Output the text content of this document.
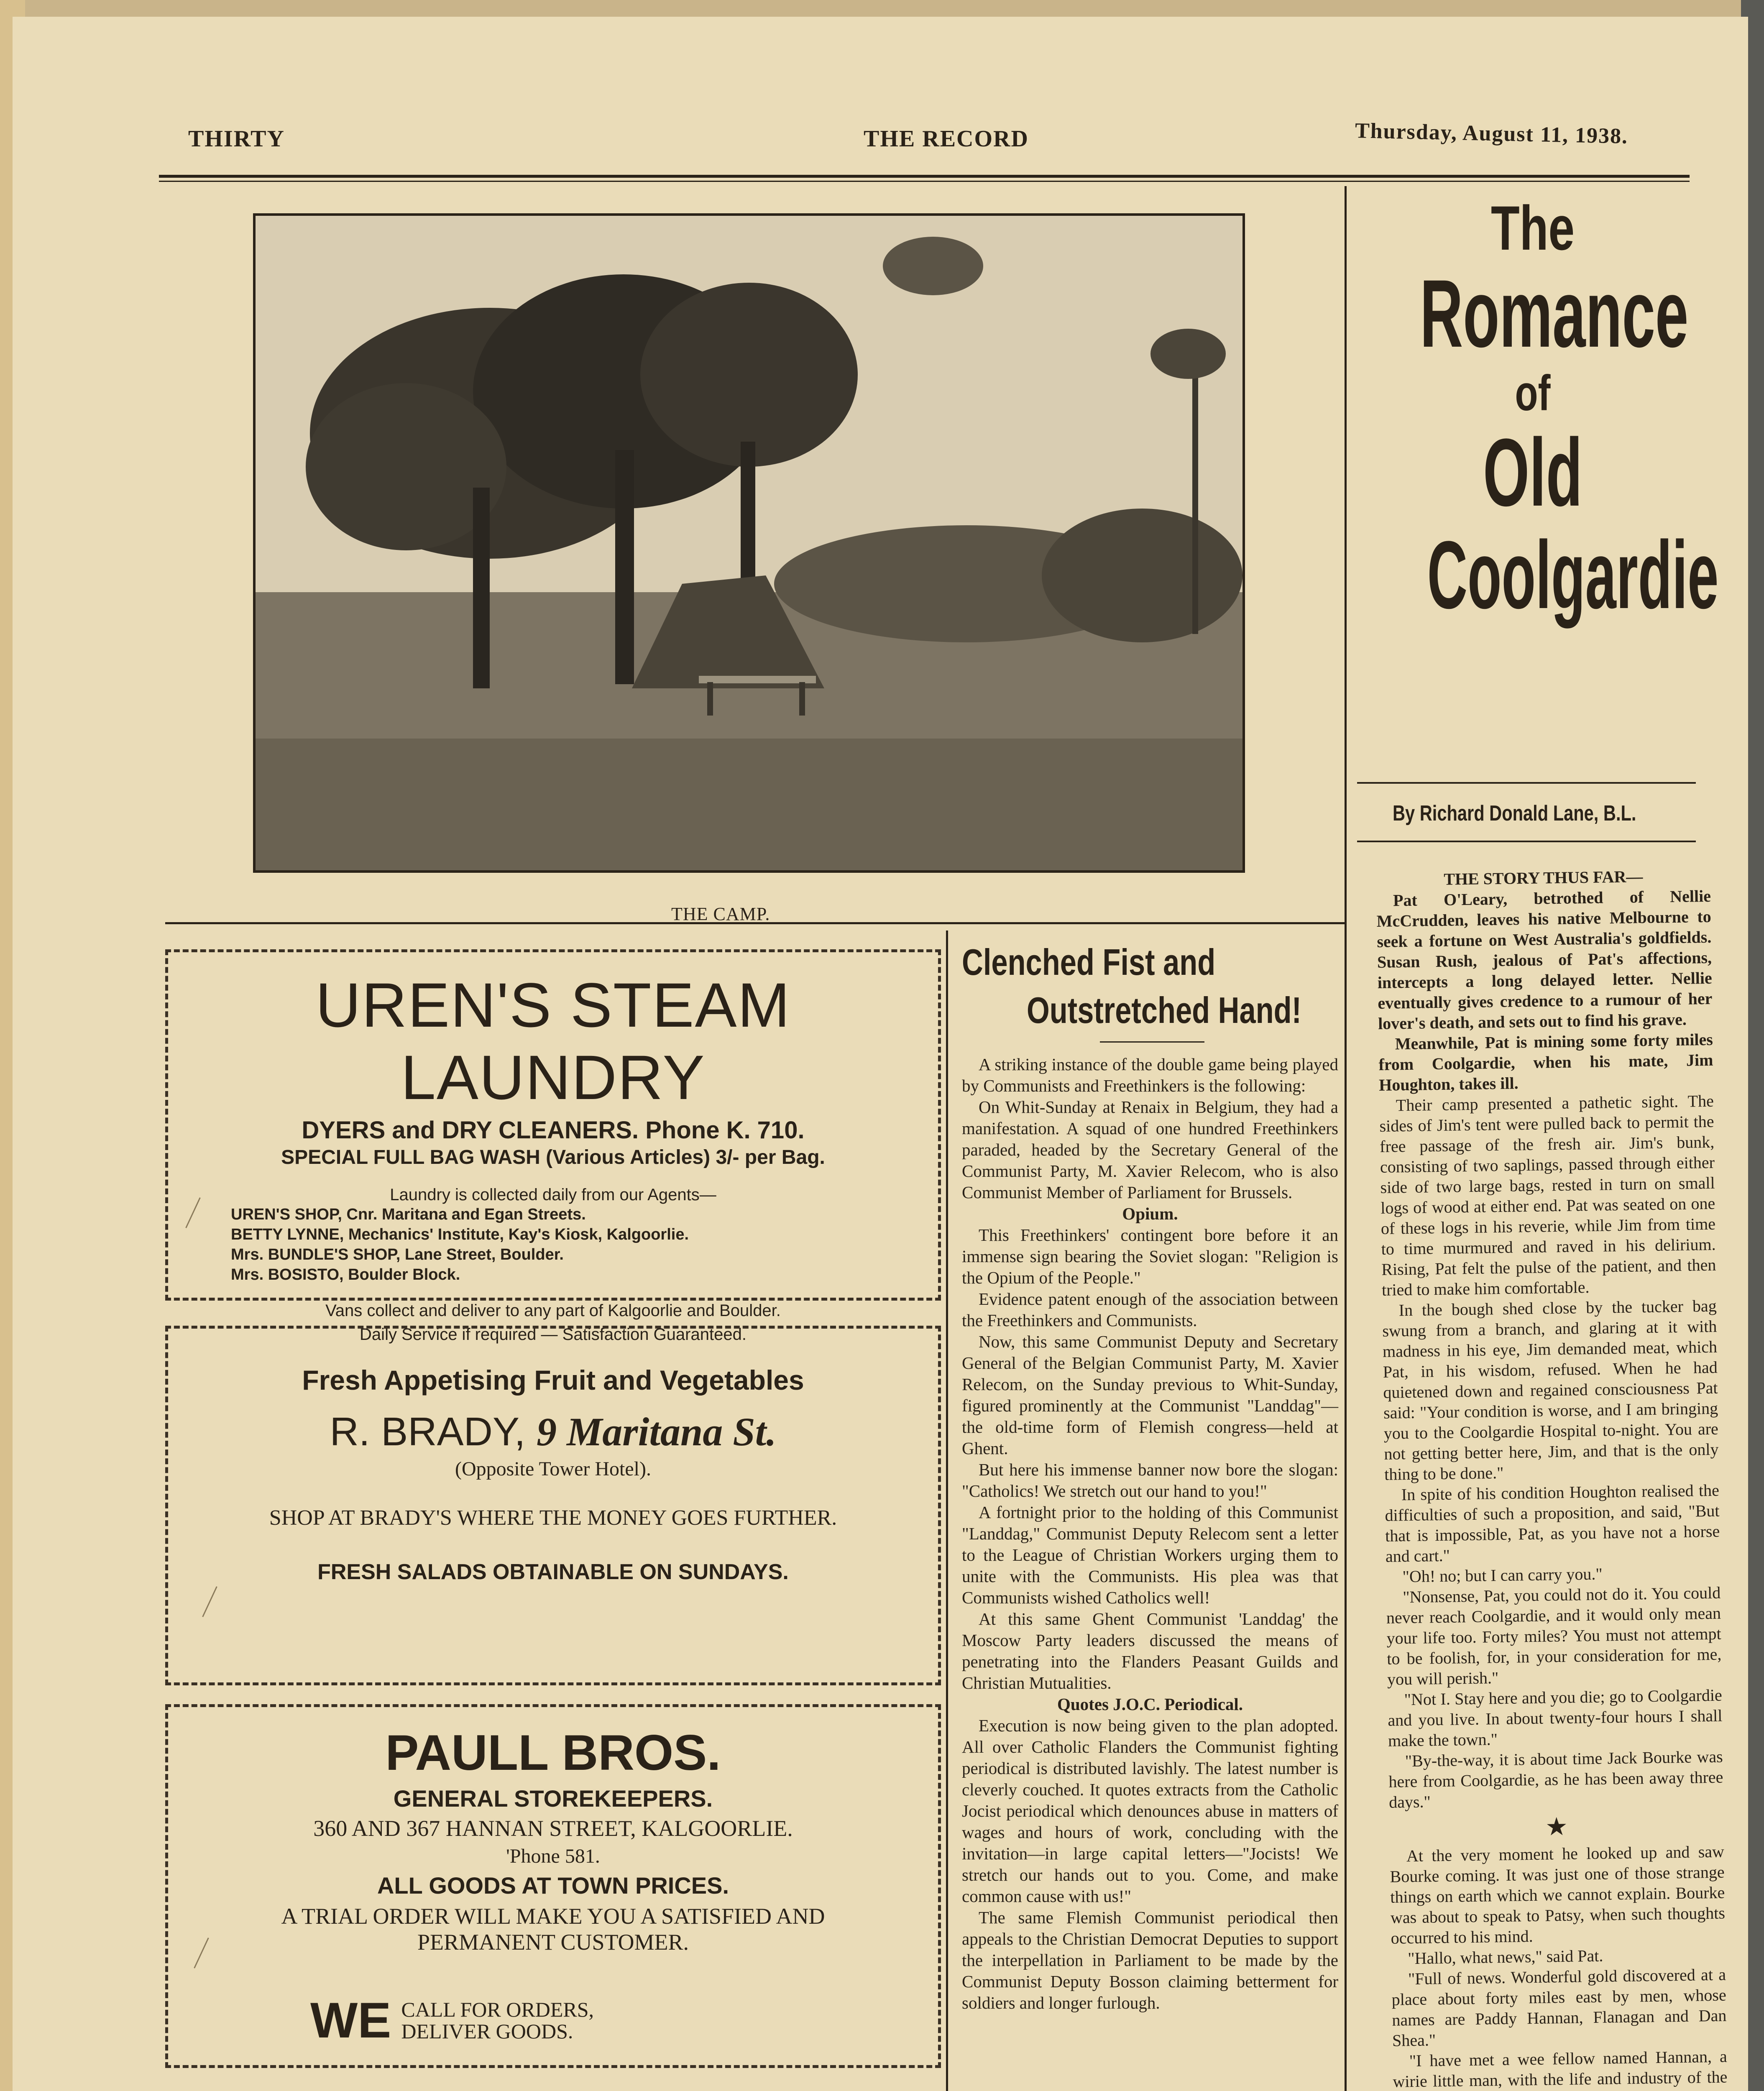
THIRTY	THE RECORD	Thursday, August 11, 1938.
THE CAMP.
UREN'S STEAM LAUNDRY
DYERS and DRY CLEANERS. Phone K. 710.
SPECIAL FULL BAG WASH (Various Articles) 3/- per Bag.
Laundry is collected daily from our Agents—
UREN'S SHOP, Cnr. Maritana and Egan Streets.
BETTY LYNNE, Mechanics' Institute, Kay's Kiosk, Kalgoorlie.
Mrs. BUNDLE'S SHOP, Lane Street, Boulder.
Mrs. BOSISTO, Boulder Block.
Vans collect and deliver to any part of Kalgoorlie and Boulder.
Daily Service if required — Satisfaction Guaranteed.
Fresh Appetising Fruit and Vegetables
R. BRADY, 9 Maritana St.
(Opposite Tower Hotel).
SHOP AT BRADY'S WHERE THE MONEY GOES FURTHER.
FRESH SALADS OBTAINABLE ON SUNDAYS.
PAULL BROS.
GENERAL STOREKEEPERS.
360 AND 367 HANNAN STREET, KALGOORLIE.
'Phone 581.
ALL GOODS AT TOWN PRICES.
A TRIAL ORDER WILL MAKE YOU A SATISFIED AND PERMANENT CUSTOMER.
WE CALL FOR ORDERS,
DELIVER GOODS.
Clenched Fist and
Outstretched Hand!

A striking instance of the double game being played by Communists and Freethinkers is the following:

On Whit-Sunday at Renaix in Belgium, they had a manifestation. A squad of one hundred Freethinkers paraded, headed by the Secretary General of the Communist Party, M. Xavier Relecom, who is also Communist Member of Parliament for Brussels.

Opium.

This Freethinkers' contingent bore before it an immense sign bearing the Soviet slogan: "Religion is the Opium of the People."

Evidence patent enough of the association between the Freethinkers and Communists.

Now, this same Communist Deputy and Secretary General of the Belgian Communist Party, M. Xavier Relecom, on the Sunday previous to Whit-Sunday, figured prominently at the Communist "Landdag"—the old-time form of Flemish congress—held at Ghent.

But here his immense banner now bore the slogan: "Catholics! We stretch out our hand to you!"

A fortnight prior to the holding of this Communist "Landdag," Communist Deputy Relecom sent a letter to the League of Christian Workers urging them to unite with the Communists. His plea was that Communists wished Catholics well!

At this same Ghent Communist 'Landdag' the Moscow Party leaders discussed the means of penetrating into the Flanders Peasant Guilds and Christian Mutualities.

Quotes J.O.C. Periodical.

Execution is now being given to the plan adopted. All over Catholic Flanders the Communist fighting periodical is distributed lavishly. The latest number is cleverly couched. It quotes extracts from the Catholic Jocist periodical which denounces abuse in matters of wages and hours of work, concluding with the invitation—in large capital letters—"Jocists! We stretch our hands out to you. Come, and make common cause with us!"

The same Flemish Communist periodical then appeals to the Christian Democrat Deputies to support the interpellation in Parliament to be made by the Communist Deputy Bosson claiming betterment for soldiers and longer furlough.

The
Romance
of
Old
Coolgardie
By Richard Donald Lane, B.L.
THE STORY THUS FAR—

Pat O'Leary, betrothed of Nellie McCrudden, leaves his native Melbourne to seek a fortune on West Australia's goldfields. Susan Rush, jealous of Pat's affections, intercepts a long delayed letter. Nellie eventually gives credence to a rumour of her lover's death, and sets out to find his grave.

Meanwhile, Pat is mining some forty miles from Coolgardie, when his mate, Jim Houghton, takes ill.

Their camp presented a pathetic sight. The sides of Jim's tent were pulled back to permit the free passage of the fresh air. Jim's bunk, consisting of two saplings, passed through either side of two large bags, rested in turn on small logs of wood at either end. Pat was seated on one of these logs in his reverie, while Jim from time to time murmured and raved in his delirium. Rising, Pat felt the pulse of the patient, and then tried to make him comfortable.

In the bough shed close by the tucker bag swung from a branch, and glaring at it with madness in his eye, Jim demanded meat, which Pat, in his wisdom, refused. When he had quietened down and regained consciousness Pat said: "Your condition is worse, and I am bringing you to the Coolgardie Hospital to-night. You are not getting better here, Jim, and that is the only thing to be done."

In spite of his condition Houghton realised the difficulties of such a proposition, and said, "But that is impossible, Pat, as you have not a horse and cart."

"Oh! no; but I can carry you."

"Nonsense, Pat, you could not do it. You could never reach Coolgardie, and it would only mean your life too. Forty miles? You must not attempt to be foolish, for, in your consideration for me, you will perish."

"Not I. Stay here and you die; go to Coolgardie and you live. In about twenty-four hours I shall make the town."

"By-the-way, it is about time Jack Bourke was here from Coolgardie, as he has been away three days."

★

At the very moment he looked up and saw Bourke coming. It was just one of those strange things on earth which we cannot explain. Bourke was about to speak to Patsy, when such thoughts occurred to his mind.

"Hallo, what news," said Pat.

"Full of news. Wonderful gold discovered at a place about forty miles east by men, whose names are Paddy Hannan, Flanagan and Dan Shea."

"I have met a wee fellow named Hannan, a wirie little man, with the life and industry of the
